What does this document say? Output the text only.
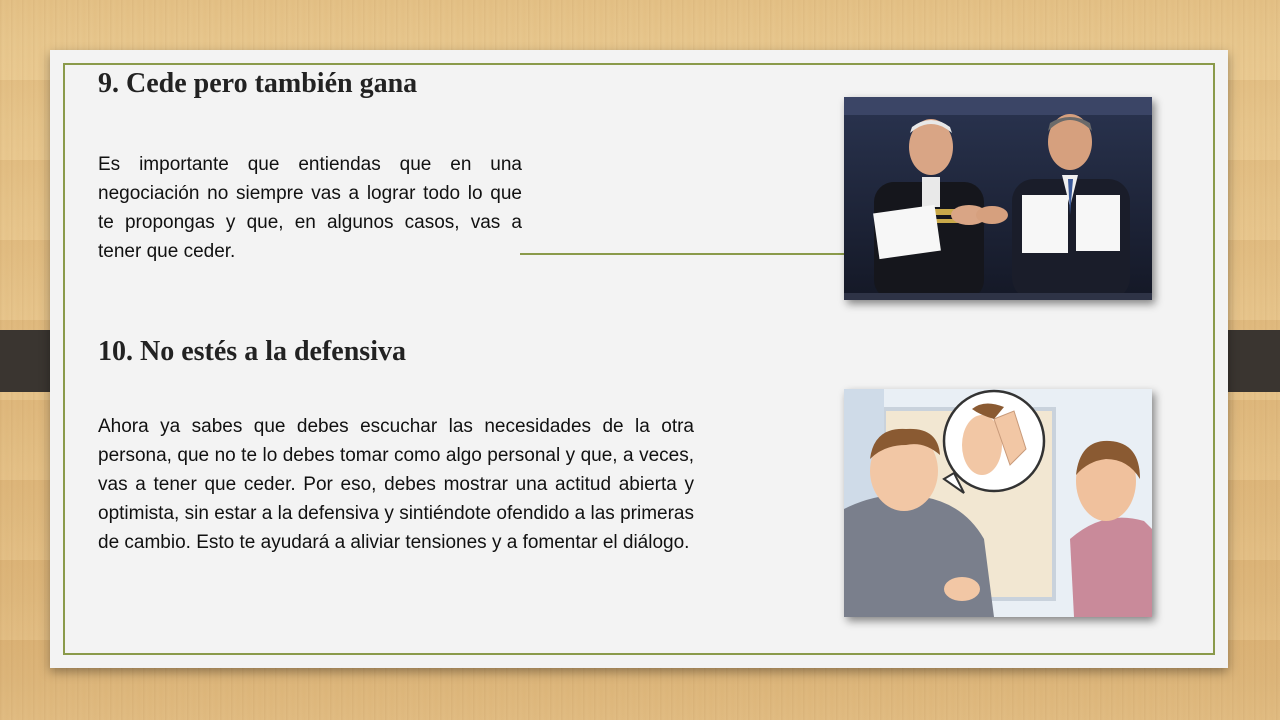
9. Cede pero también gana

Es importante que entiendas que en una negociación no siempre vas a lograr todo lo que te propongas y que, en algunos casos, vas a tener que ceder.

10. No estés a la defensiva

Ahora ya sabes que debes escuchar las necesidades de la otra persona, que no te lo debes tomar como algo personal y que, a veces, vas a tener que ceder. Por eso, debes mostrar una actitud abierta y optimista, sin estar a la defensiva y sintiéndote ofendido a las primeras de cambio. Esto te ayudará a aliviar tensiones y a fomentar el diálogo.
